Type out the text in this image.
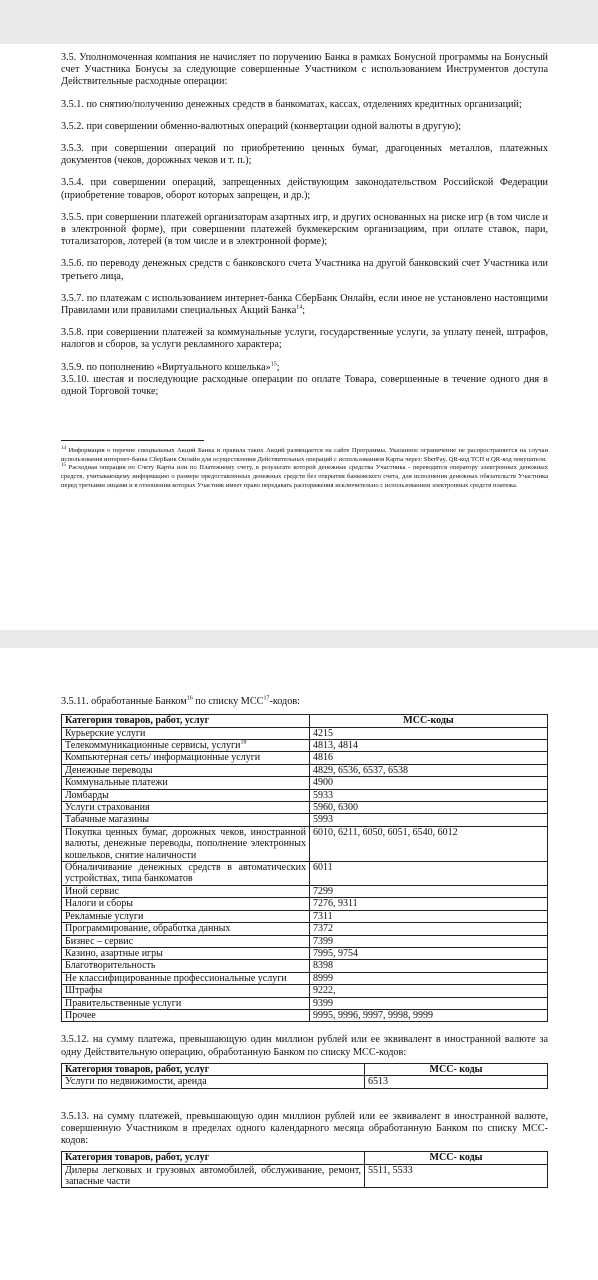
3.5. Уполномоченная компания не начисляет по поручению Банка в рамках Бонусной программы на Бонусный счет Участника Бонусы за следующие совершенные Участником с использованием Инструментов доступа Действительные расходные операции:

3.5.1. по снятию/получению денежных средств в банкоматах, кассах, отделениях кредитных организаций;

3.5.2. при совершении обменно-валютных операций (конвертации одной валюты в другую);

3.5.3. при совершении операций по приобретению ценных бумаг, драгоценных металлов, платежных документов (чеков, дорожных чеков и т. п.);

3.5.4. при совершении операций, запрещенных действующим законодательством Российской Федерации (приобретение товаров, оборот которых запрещен, и др.);

3.5.5. при совершении платежей организаторам азартных игр, и других основанных на риске игр (в том числе и в электронной форме), при совершении платежей букмекерским организациям, при оплате ставок, пари, тотализаторов, лотерей (в том числе и в электронной форме);

3.5.6. по переводу денежных средств с банковского счета Участника на другой банковский счет Участника или третьего лица,

3.5.7. по платежам с использованием интернет-банка СберБанк Онлайн, если иное не установлено настоящими Правилами или правилами специальных Акций Банка$^{14}$;

3.5.8. при совершении платежей за коммунальные услуги, государственные услуги, за уплату пеней, штрафов, налогов и сборов, за услуги рекламного характера;

3.5.9. по пополнению «Виртуального кошелька»$^{15}$;

3.5.10. шестая и последующие расходные операции по оплате Товара, совершенные в течение одного дня в одной Торговой точке;

$^{14}$ Информация о перечне специальных Акций Банка и правила таких Акций размещается на сайте Программы. Указанное ограничение не распространяется на случаи использования интернет-банка СберБанк Онлайн для осуществления Действительных операций с использованием Карты через: SberPay, QR-код ТСП и QR-код покупателя.

$^{15}$ Расходная операция по Счету Карты или по Платежному счету, в результате которой денежные средства Участника - переводятся оператору электронных денежных средств, учитывающему информацию о размере предоставленных денежных средств без открытия банковского счета, для исполнения денежных обязательств Участника перед третьими лицами и в отношении которых Участник имеет право передавать распоряжения исключительно с использованием электронных средств платежа.

3.5.11. обработанные Банком$^{16}$ по списку МСС$^{17}$-кодов:

Категория товаров, работ, услуг	МСС-коды
Курьерские услуги	4215
Телекоммуникационные сервисы, услуги$^{18}$	4813, 4814
Компьютерная сеть/ информационные услуги	4816
Денежные переводы	4829, 6536, 6537, 6538
Коммунальные платежи	4900
Ломбарды	5933
Услуги страхования	5960, 6300
Табачные магазины	5993
Покупка ценных бумаг, дорожных чеков, иностранной валюты, денежные переводы, пополнение электронных кошельков, снятие наличности	6010, 6211, 6050, 6051, 6540, 6012
Обналичивание денежных средств в автоматических устройствах, типа банкоматов	6011
Иной сервис	7299
Налоги и сборы	7276, 9311
Рекламные услуги	7311
Программирование, обработка данных	7372
Бизнес – сервис	7399
Казино, азартные игры	7995, 9754
Благотворительность	8398
Не классифицированные профессиональные услуги	8999
Штрафы	9222,
Правительственные услуги	9399
Прочее	9995, 9996, 9997, 9998, 9999

3.5.12. на сумму платежа, превышающую один миллион рублей или ее эквивалент в иностранной валюте за одну Действительную операцию, обработанную Банком по списку МСС-кодов:

Категория товаров, работ, услуг	МСС- коды
Услуги по недвижимости, аренда	6513

3.5.13. на сумму платежей, превышающую один миллион рублей или ее эквивалент в иностранной валюте, совершенную Участником в пределах одного календарного месяца обработанную Банком по списку МСС-кодов:

Категория товаров, работ, услуг	МСС- коды
Дилеры легковых и грузовых автомобилей, обслуживание, ремонт, запасные части	5511, 5533
